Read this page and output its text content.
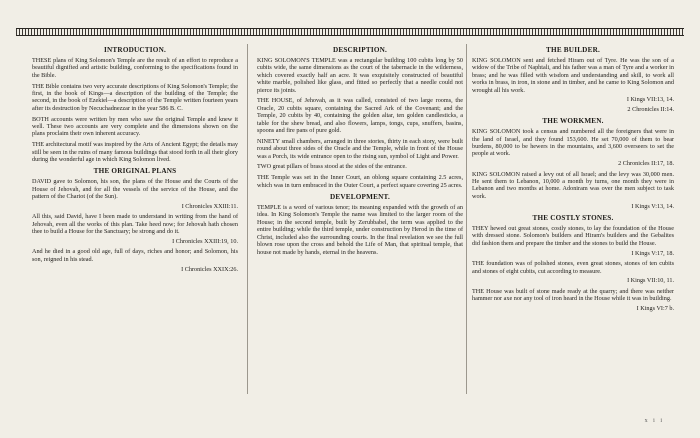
INTRODUCTION.

THESE plans of King Solomon's Temple are the result of an effort to reproduce a beautiful dignified and artistic building, conforming to the specifications found in the Bible.

THE Bible contains two very accurate descriptions of King Solomon's Temple; the first, in the book of Kings—a description of the building of the Temple; the second, in the book of Ezekiel—a description of the Temple written fourteen years after its destruction by Necuchadnezzar in the year 586 B. C.

BOTH accounts were written by men who saw the original Temple and knew it well. These two accounts are very complete and the dimensions shown on the plans proclaim their own inherent accuracy.

THE architectural motif was inspired by the Arts of Ancient Egypt; the details may still be seen in the ruins of many famous buildings that stood forth in all their glory during the wonderful age in which King Solomon lived.

THE ORIGINAL PLANS

DAVID gave to Solomon, his son, the plans of the House and the Courts of the House of Jehovah, and for all the vessels of the service of the House, and the pattern of the Chariot (of the Sun).

I Chronicles XXIII:11.

All this, said David, have I been made to understand in writing from the hand of Jehovah, even all the works of this plan. Take heed now; for Jehovah hath chosen thee to build a House for the Sanctuary; be strong and do it.

I Chronicles XXIII:19, 10.

And he died in a good old age, full of days, riches and honor; and Solomon, his son, reigned in his stead.

I Chronicles XXIX:26.
DESCRIPTION.

KING SOLOMON'S TEMPLE was a rectangular building 100 cubits long by 50 cubits wide, the same dimensions as the court of the tabernacle in the wilderness, which covered exactly half an acre. It was exquisitely constructed of beautiful white marble, polished like glass, and fitted so perfectly that a needle could not pierce its joints.

THE HOUSE, of Jehovah, as it was called, consisted of two large rooms, the Oracle, 20 cubits square, containing the Sacred Ark of the Covenant; and the Temple, 20 cubits by 40, containing the golden altar, ten golden candlesticks, a table for the shew bread, and also flowers, lamps, tongs, cups, snuffers, basins, spoons and fire pans of pure gold.

NINETY small chambers, arranged in three stories, thirty in each story, were built round about three sides of the Oracle and the Temple, while in front of the House was a Porch, its wide entrance open to the rising sun, symbol of Light and Power.

TWO great pillars of brass stood at the sides of the entrance.

THE Temple was set in the Inner Court, an oblong square containing 2.5 acres, which was in turn embraced in the Outer Court, a perfect square covering 25 acres.

DEVELOPMENT.

TEMPLE is a word of various tenor; its meaning expanded with the growth of an idea. In King Solomon's Temple the name was limited to the larger room of the House; in the second temple, built by Zerubbabel, the term was applied to the entire building; while the third temple, under construction by Herod in the time of Christ, included also the surrounding courts. In the final revelation we see the full blown rose upon the cross and behold the Life of Man, that spiritual temple, that house not made by hands, eternal in the heavens.

THE BUILDER.

KING SOLOMON sent and fetched Hiram out of Tyre. He was the son of a widow of the Tribe of Naphtali, and his father was a man of Tyre and a worker in brass; and he was filled with wisdom and understanding and skill, to work all works in brass, in iron, in stone and in timber, and he came to King Solomon and wrought all his work.

I Kings VII:13, 14.
2 Chronicles II:14.
THE WORKMEN.

KING SOLOMON took a census and numbered all the foreigners that were in the land of Israel, and they found 153,600. He set 70,000 of them to bear burdens, 80,000 to be hewers in the mountains, and 3,600 overseers to set the people at work.

2 Chronicles II:17, 18.

KING SOLOMON raised a levy out of all Israel; and the levy was 30,000 men. He sent them to Lebanon, 10,000 a month by turns, one month they were in Lebanon and two months at home. Adoniram was over the men subject to task work.

I Kings V:13, 14.
THE COSTLY STONES.

THEY hewed out great stones, costly stones, to lay the foundation of the House with dressed stone. Solomon's builders and Hiram's builders and the Gebalites did fashion them and prepare the timber and the stones to build the House.

I Kings V:17, 18.

THE foundation was of polished stones, even great stones, stones of ten cubits and stones of eight cubits, cut according to measure.

I Kings VII:10, 11.

THE House was built of stone made ready at the quarry; and there was neither hammer nor axe nor any tool of iron heard in the House while it was in building.

I Kings VI:7 b.
x i i
